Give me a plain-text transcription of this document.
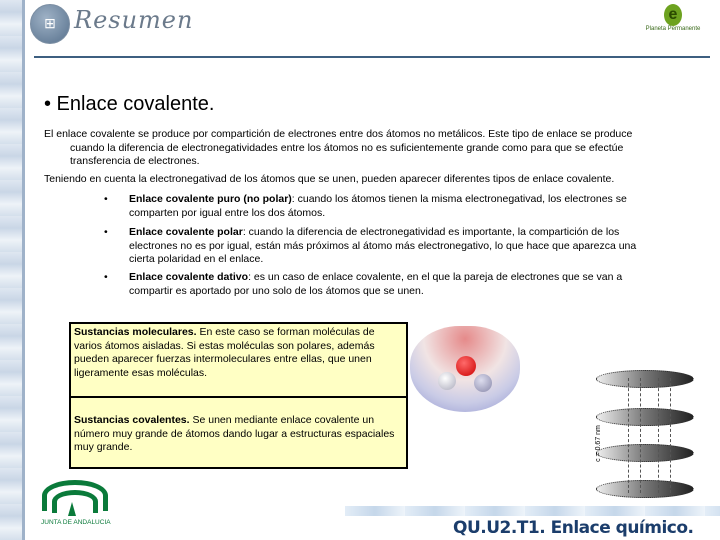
⊞ Resumen	e
Planeta Permanente
• Enlace covalente.
El enlace covalente se produce por compartición de electrones entre dos átomos no metálicos. Este tipo de enlace se produce
cuando la diferencia de electronegatividades entre los átomos no es suficientemente grande como para que se efectúe transferencia de electrones.
Teniendo en cuenta la electronegativad de los átomos que se unen, pueden aparecer diferentes tipos de enlace covalente.
• Enlace covalente puro (no polar): cuando los átomos tienen la misma electronegativad, los electrones se comparten por igual entre los dos átomos.
• Enlace covalente polar: cuando la diferencia de electronegatividad es importante, la compartición de los electrones no es por igual, están más próximos al átomo más electronegativo, lo que hace que aparezca una cierta polaridad en el enlace.
• Enlace covalente dativo: es un caso de enlace covalente, en el que la pareja de electrones que se van a compartir es aportado por uno solo de los átomos que se unen.
Sustancias moleculares. En este caso se forman moléculas de varios átomos aisladas. Si estas moléculas son polares, además pueden aparecer fuerzas intermoleculares entre ellas, que unen ligeramente esas moléculas.
Sustancias covalentes. Se unen mediante enlace covalente un número muy grande de átomos dando lugar a estructuras espaciales muy grande.	c = 0.67 nm
JUNTA DE ANDALUCIA	QU.U2.T1. Enlace químico.
